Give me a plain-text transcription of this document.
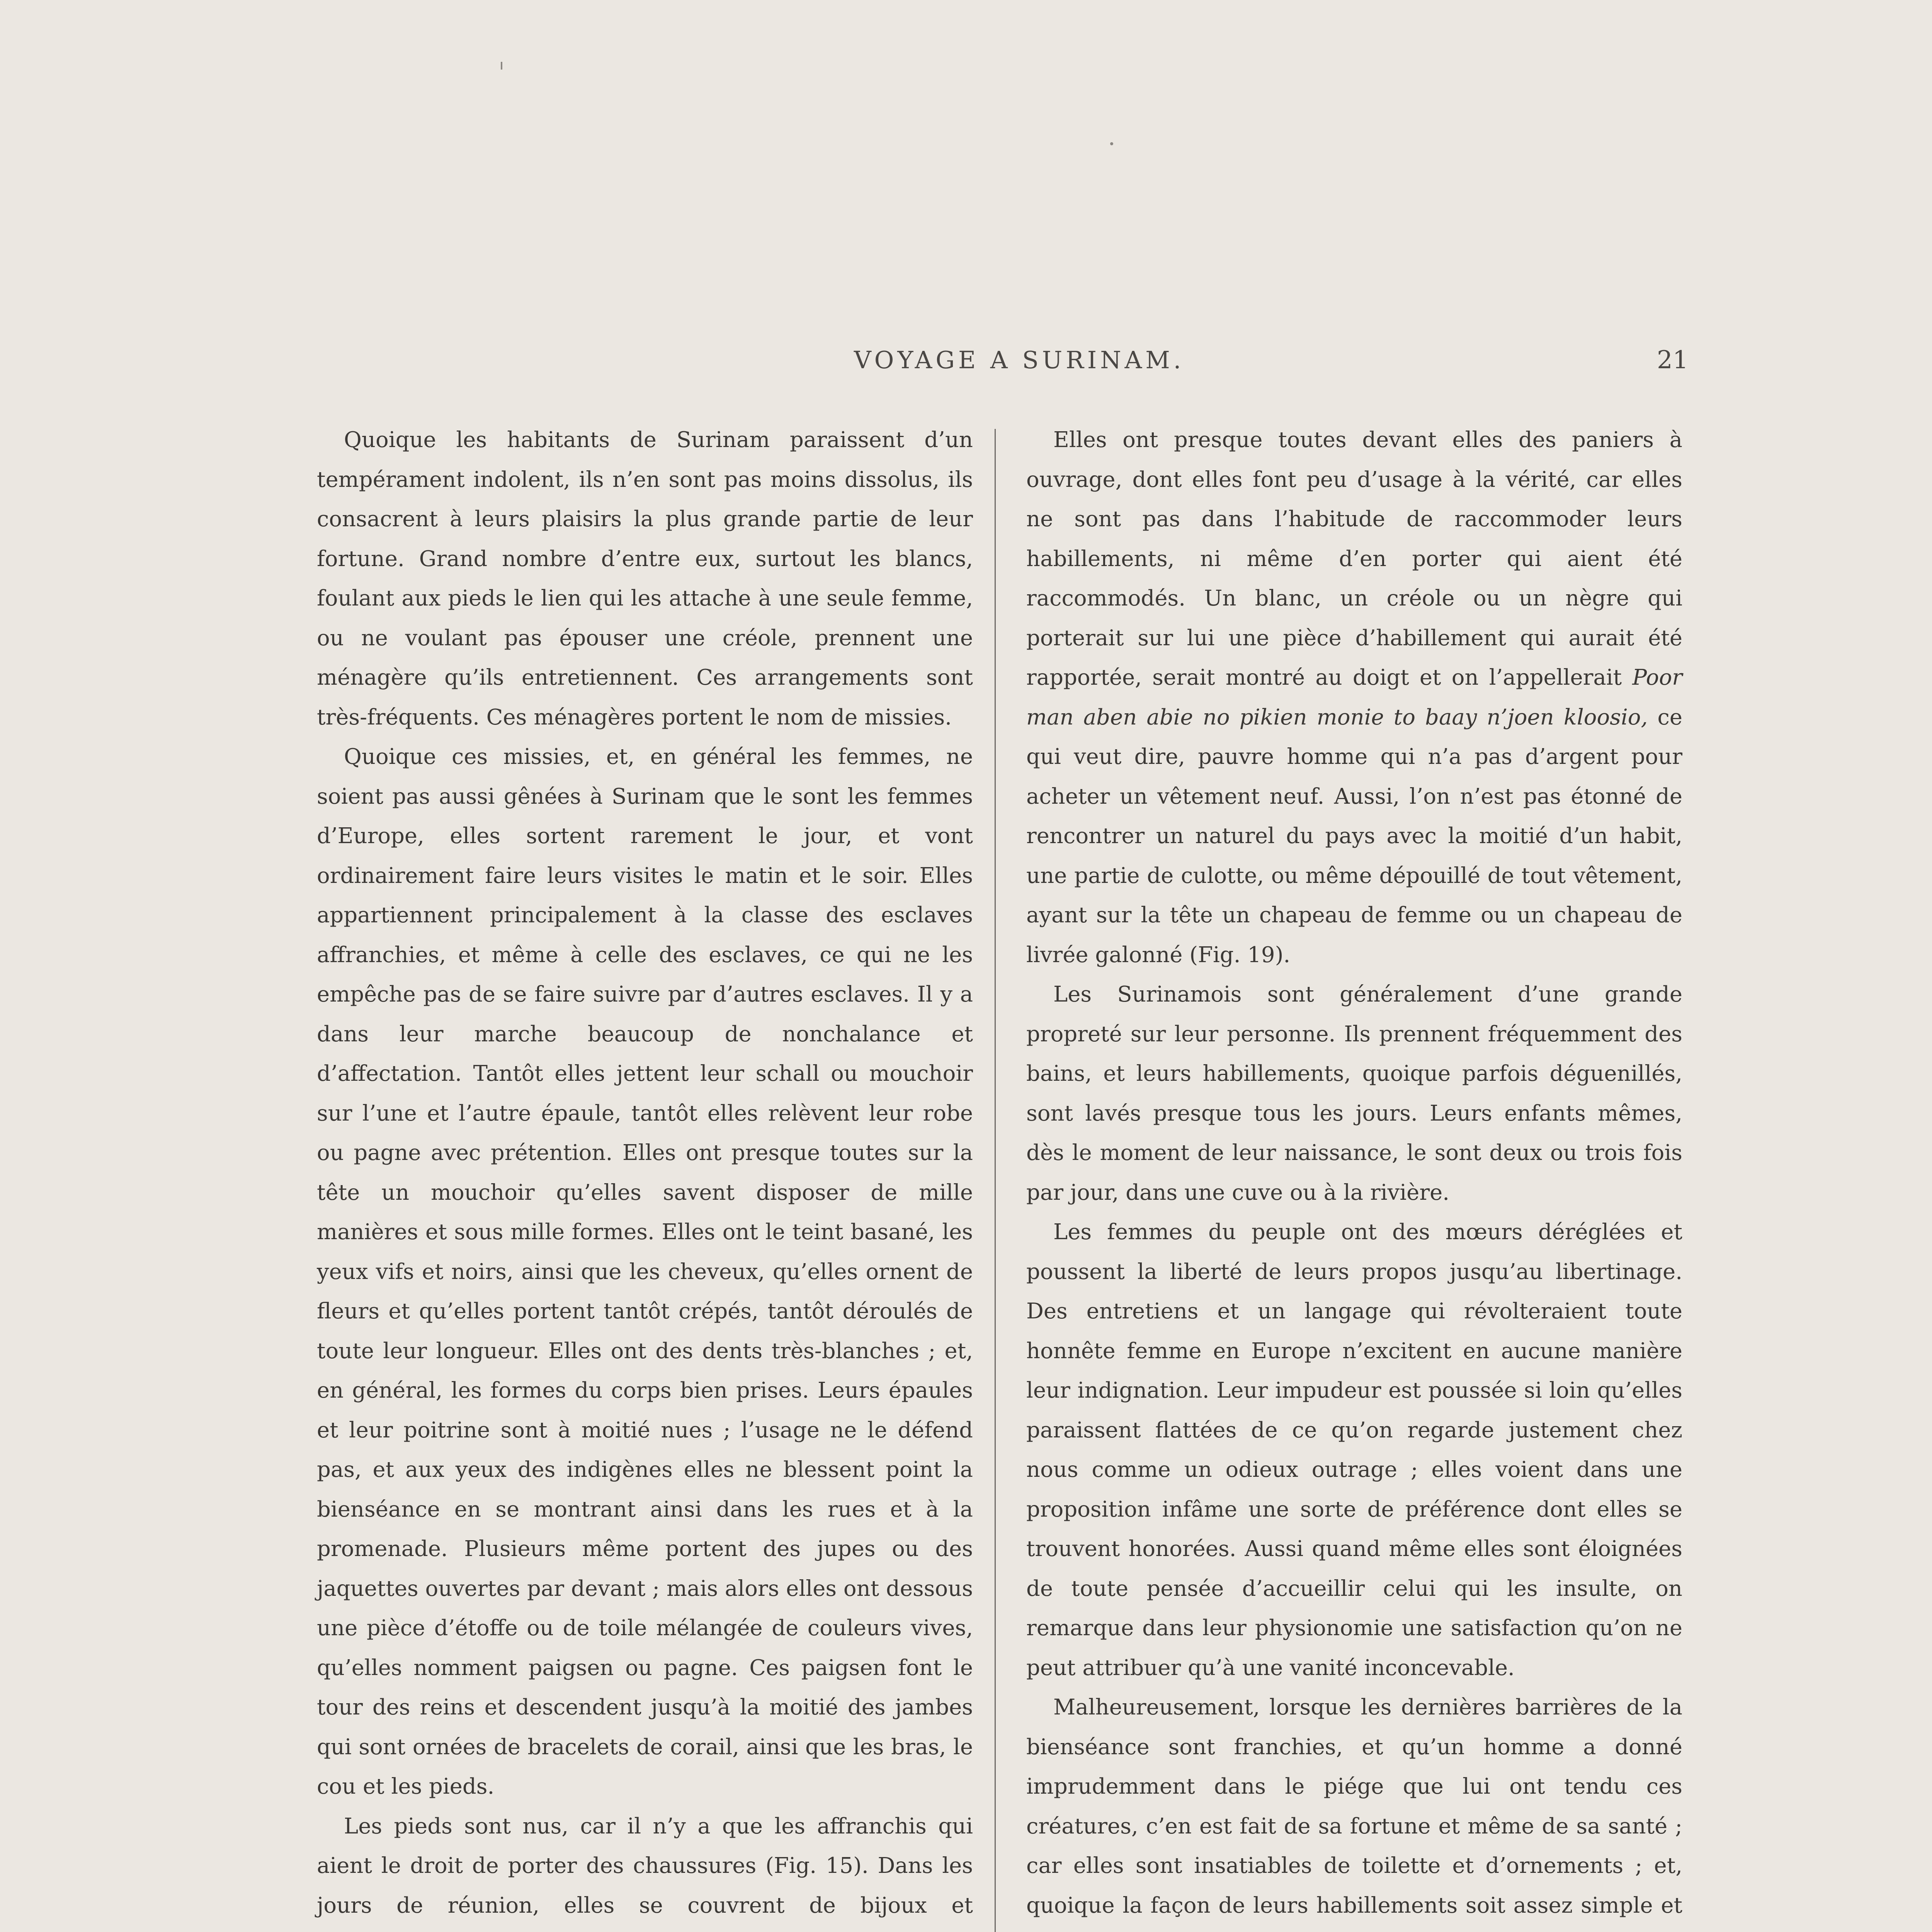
VOYAGE A SURINAM.	21

Quoique les habitants de Surinam paraissent d’un tempérament indolent, ils n’en sont pas moins dissolus, ils consacrent à leurs plaisirs la plus grande partie de leur fortune. Grand nombre d’entre eux, surtout les blancs, foulant aux pieds le lien qui les attache à une seule femme, ou ne voulant pas épouser une créole, prennent une ménagère qu’ils entretiennent. Ces arrangements sont très-fréquents. Ces ménagères portent le nom de missies.

Quoique ces missies, et, en général les femmes, ne soient pas aussi gênées à Surinam que le sont les femmes d’Europe, elles sortent rarement le jour, et vont ordinairement faire leurs visites le matin et le soir. Elles appartiennent principalement à la classe des esclaves affranchies, et même à celle des esclaves, ce qui ne les empêche pas de se faire suivre par d’autres esclaves. Il y a dans leur marche beaucoup de nonchalance et d’affectation. Tantôt elles jettent leur schall ou mouchoir sur l’une et l’autre épaule, tantôt elles relèvent leur robe ou pagne avec prétention. Elles ont presque toutes sur la tête un mouchoir qu’elles savent disposer de mille manières et sous mille formes. Elles ont le teint basané, les yeux vifs et noirs, ainsi que les cheveux, qu’elles ornent de fleurs et qu’elles portent tantôt crépés, tantôt déroulés de toute leur longueur. Elles ont des dents très-blanches ; et, en général, les formes du corps bien prises. Leurs épaules et leur poitrine sont à moitié nues ; l’usage ne le défend pas, et aux yeux des indigènes elles ne blessent point la bienséance en se montrant ainsi dans les rues et à la promenade. Plusieurs même portent des jupes ou des jaquettes ouvertes par devant ; mais alors elles ont dessous une pièce d’étoffe ou de toile mélangée de couleurs vives, qu’elles nomment paigsen ou pagne. Ces paigsen font le tour des reins et descendent jusqu’à la moitié des jambes qui sont ornées de bracelets de corail, ainsi que les bras, le cou et les pieds.

Les pieds sont nus, car il n’y a que les affranchis qui aient le droit de porter des chaussures (Fig. 15). Dans les jours de réunion, elles se couvrent de bijoux et

Elles ont presque toutes devant elles des paniers à ouvrage, dont elles font peu d’usage à la vérité, car elles ne sont pas dans l’habitude de raccommoder leurs habillements, ni même d’en porter qui aient été raccommodés. Un blanc, un créole ou un nègre qui porterait sur lui une pièce d’habillement qui aurait été rapportée, serait montré au doigt et on l’appellerait Poor man aben abie no pikien monie to baay n’joen kloosio, ce qui veut dire, pauvre homme qui n’a pas d’argent pour acheter un vêtement neuf. Aussi, l’on n’est pas étonné de rencontrer un naturel du pays avec la moitié d’un habit, une partie de culotte, ou même dépouillé de tout vêtement, ayant sur la tête un chapeau de femme ou un chapeau de livrée galonné (Fig. 19).

Les Surinamois sont généralement d’une grande propreté sur leur personne. Ils prennent fréquemment des bains, et leurs habillements, quoique parfois déguenillés, sont lavés presque tous les jours. Leurs enfants mêmes, dès le moment de leur naissance, le sont deux ou trois fois par jour, dans une cuve ou à la rivière.

Les femmes du peuple ont des mœurs déréglées et poussent la liberté de leurs propos jusqu’au libertinage. Des entretiens et un langage qui révolteraient toute honnête femme en Europe n’excitent en aucune manière leur indignation. Leur impudeur est poussée si loin qu’elles paraissent flattées de ce qu’on regarde justement chez nous comme un odieux outrage ; elles voient dans une proposition infâme une sorte de préférence dont elles se trouvent honorées. Aussi quand même elles sont éloignées de toute pensée d’accueillir celui qui les insulte, on remarque dans leur physionomie une satisfaction qu’on ne peut attribuer qu’à une vanité inconcevable.

Malheureusement, lorsque les dernières barrières de la bienséance sont franchies, et qu’un homme a donné imprudemment dans le piége que lui ont tendu ces créatures, c’en est fait de sa fortune et même de sa santé ; car elles sont insatiables de toilette et d’ornements ; et, quoique la façon de leurs habillements soit assez simple et
